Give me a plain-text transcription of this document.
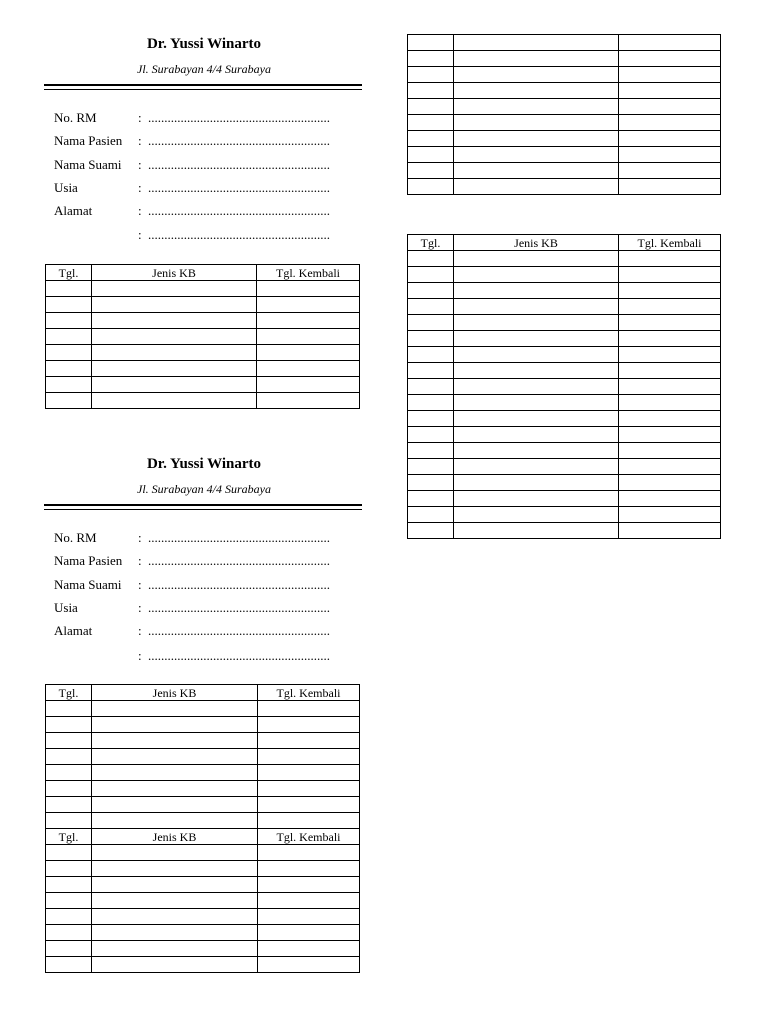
Dr. Yussi Winarto
Jl. Surabayan 4/4 Surabaya
No. RM	: ........................................................
Nama Pasien : ........................................................
Nama Suami : ........................................................
Usia	: ........................................................
Alamat	: ........................................................
: ........................................................
Tgl.	Jenis KB	Tgl. Kembali

Dr. Yussi Winarto
Jl. Surabayan 4/4 Surabaya
No. RM	: ........................................................
Nama Pasien : ........................................................
Nama Suami : ........................................................
Usia	: ........................................................
Alamat	: ........................................................
: ........................................................
Tgl.	Jenis KB	Tgl. Kembali

Tgl.	Jenis KB	Tgl. Kembali

Tgl.	Jenis KB	Tgl. Kembali
